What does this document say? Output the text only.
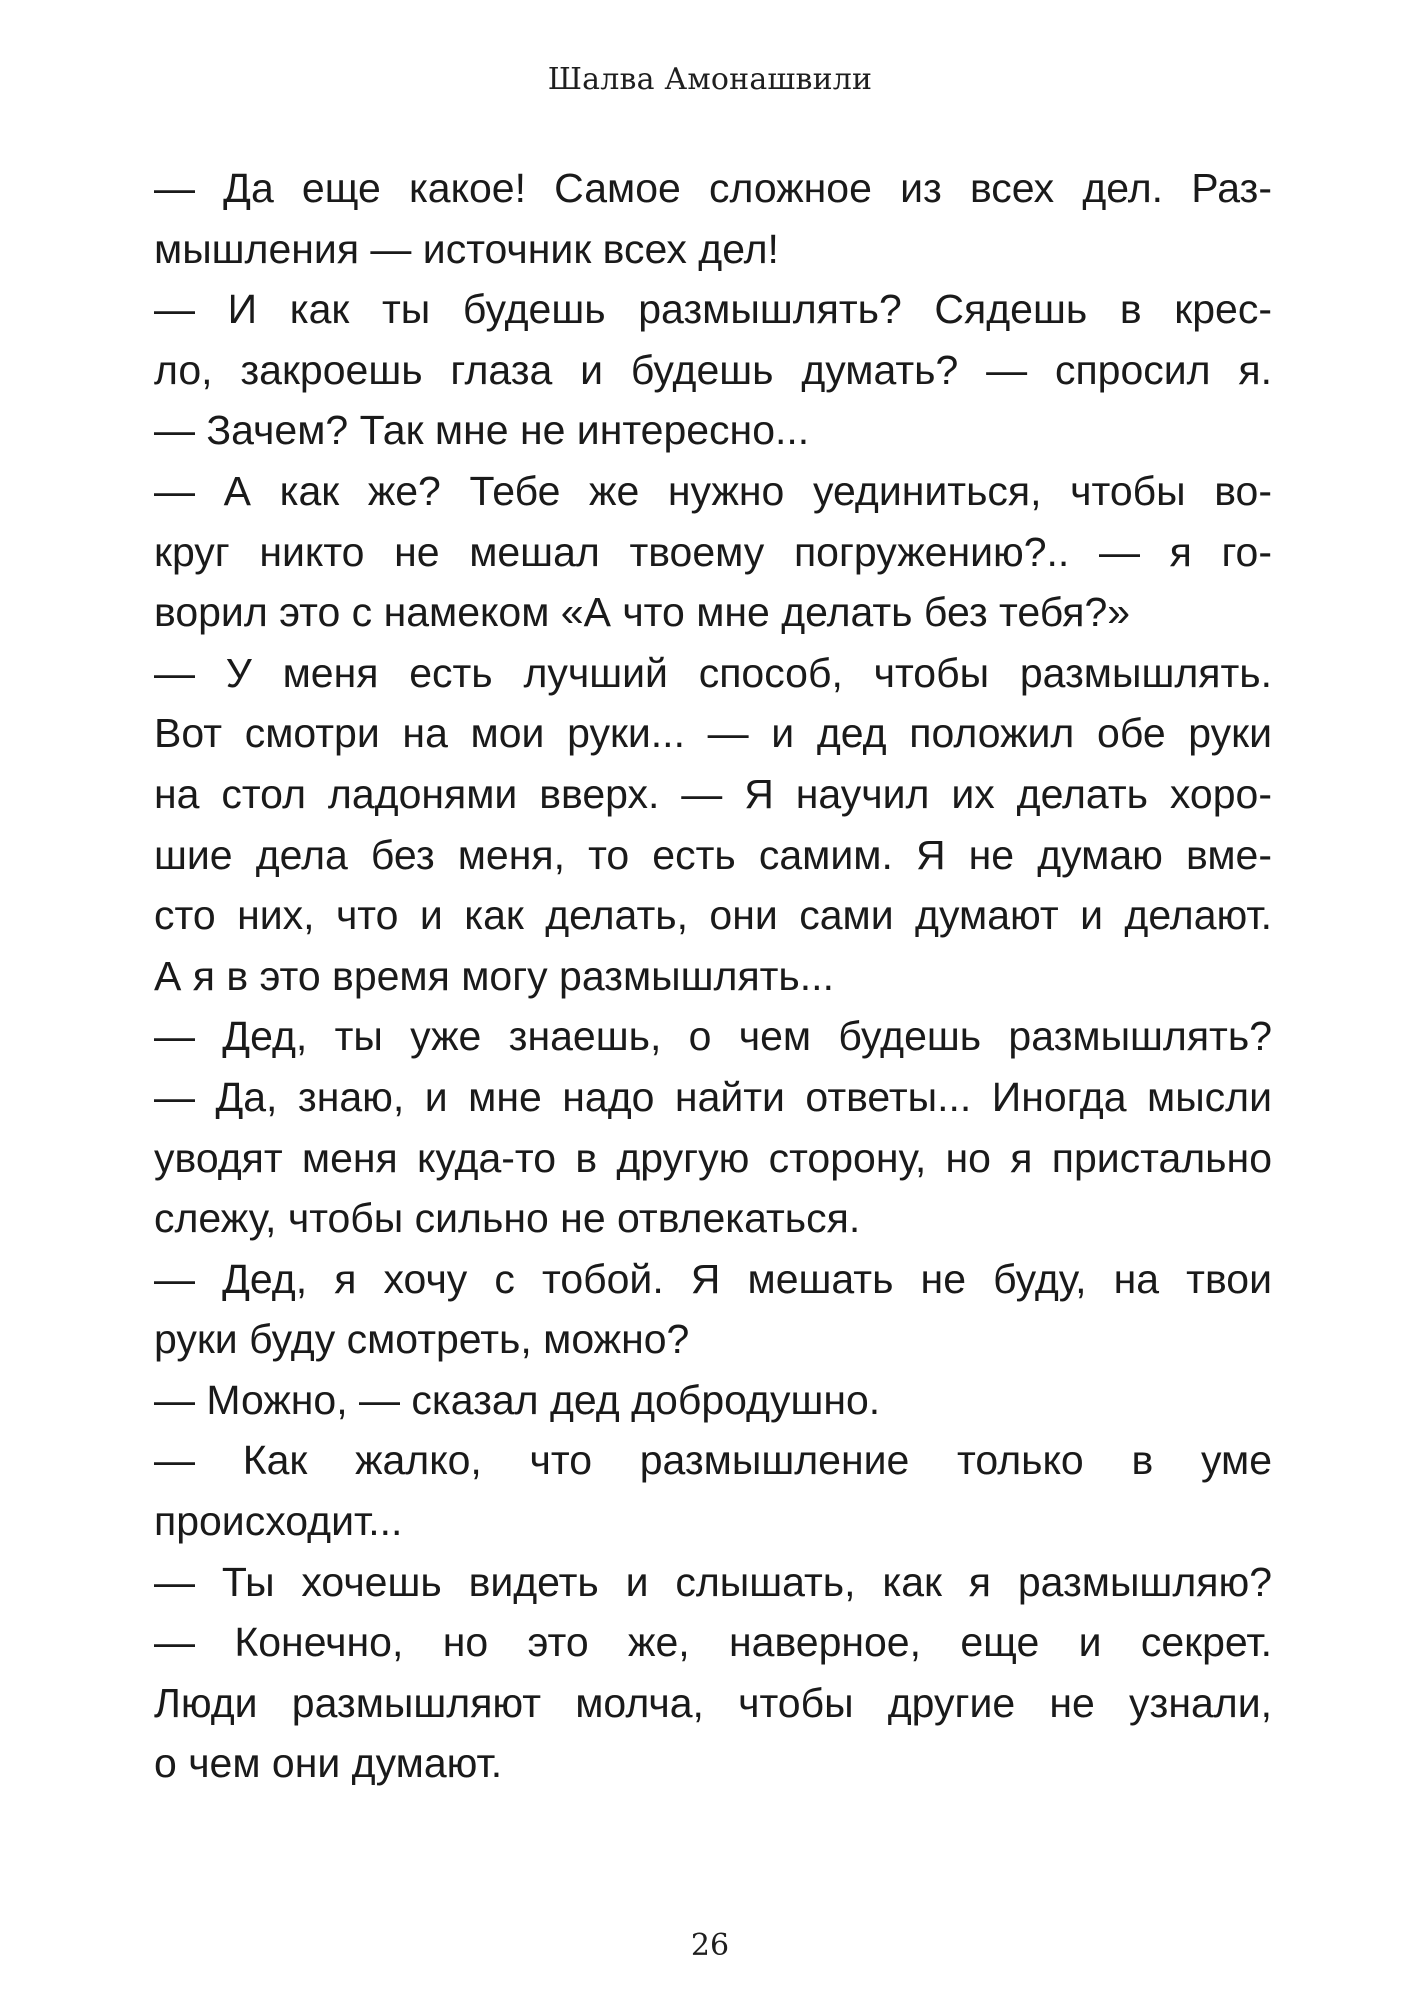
Шалва Амонашвили
— Да еще какое! Самое сложное из всех дел. Раз-
мышления — источник всех дел!
— И как ты будешь размышлять? Сядешь в крес-
ло, закроешь глаза и будешь думать? — спросил я.
— Зачем? Так мне не интересно...
— А как же? Тебе же нужно уединиться, чтобы во-
круг никто не мешал твоему погружению?.. — я го-
ворил это с намеком «А что мне делать без тебя?»
— У меня есть лучший способ, чтобы размышлять.
Вот смотри на мои руки... — и дед положил обе руки
на стол ладонями вверх. — Я научил их делать хоро-
шие дела без меня, то есть самим. Я не думаю вме-
сто них, что и как делать, они сами думают и делают.
А я в это время могу размышлять...
— Дед, ты уже знаешь, о чем будешь размышлять?
— Да, знаю, и мне надо найти ответы... Иногда мысли
уводят меня куда-то в другую сторону, но я пристально
слежу, чтобы сильно не отвлекаться.
— Дед, я хочу с тобой. Я мешать не буду, на твои
руки буду смотреть, можно?
— Можно, — сказал дед добродушно.
— Как жалко, что размышление только в уме
происходит...
— Ты хочешь видеть и слышать, как я размышляю?
— Конечно, но это же, наверное, еще и секрет.
Люди размышляют молча, чтобы другие не узнали,
о чем они думают.
26
